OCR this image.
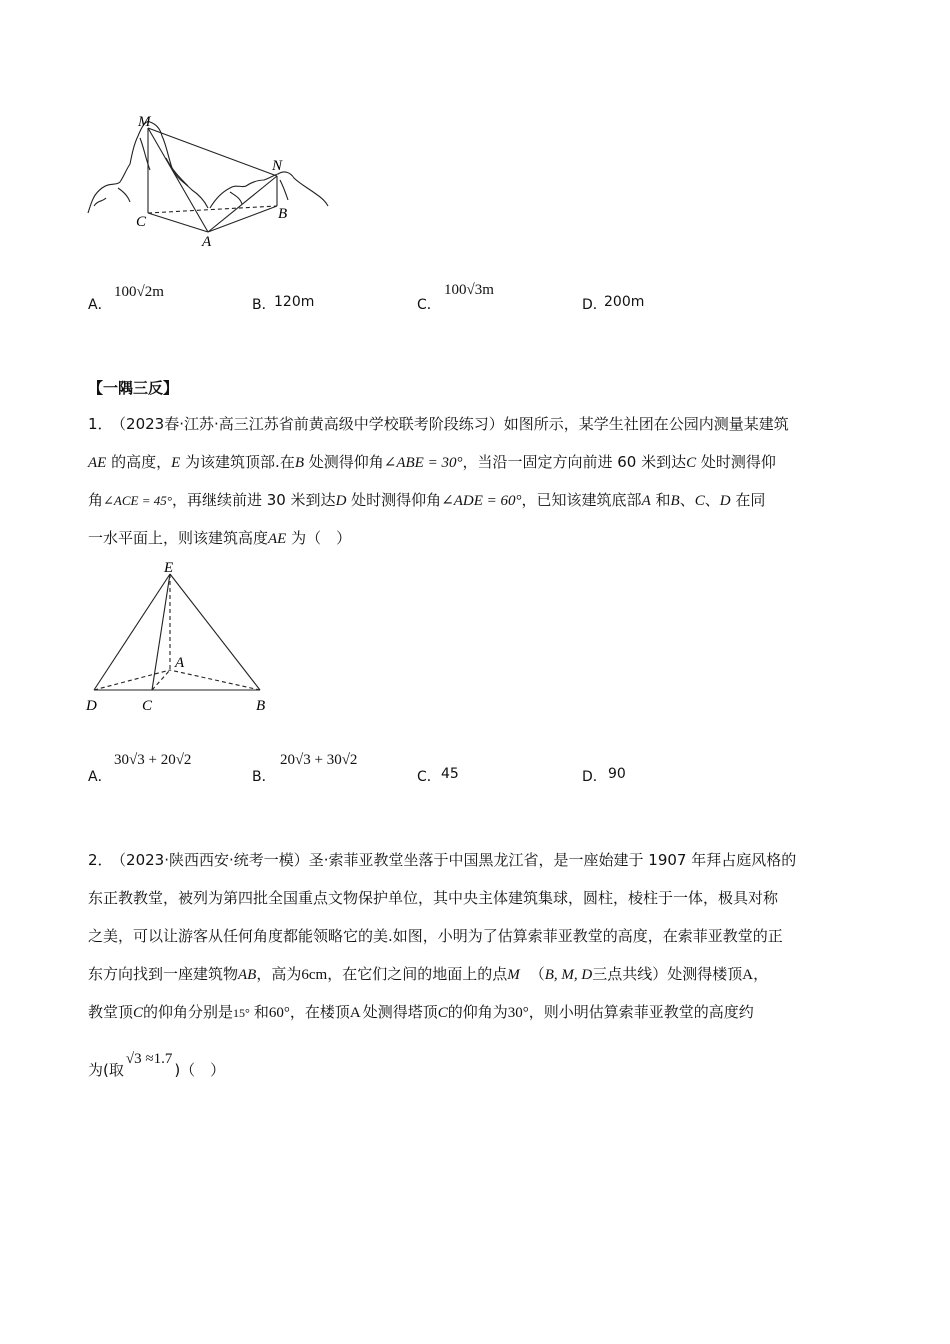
M
N
C
A
B
A．
100√2m
B．
120m	C．
100√3m
D．
200m
【一隅三反】
1． （2023春·江苏·高三江苏省前黄高级中学校联考阶段练习）如图所示，某学生社团在公园内测量某建筑
AE 的高度，E 为该建筑顶部.在B 处测得仰角∠ABE = 30°，当沿一固定方向前进 60 米到达C 处时测得仰
角∠ACE = 45°，再继续前进 30 米到达D 处时测得仰角∠ADE = 60°，已知该建筑底部A 和B、C、D 在同
一水平面上，则该建筑高度AE 为（　）
E
A
D	C	B
A．
30√3 + 20√2
B．
20√3 + 30√2
C． 45	D． 90
2． （2023·陕西西安·统考一模）圣·索菲亚教堂坐落于中国黑龙江省，是一座始建于 1907 年拜占庭风格的
东正教教堂，被列为第四批全国重点文物保护单位，其中央主体建筑集球，圆柱，棱柱于一体，极具对称
之美，可以让游客从任何角度都能领略它的美.如图，小明为了估算索菲亚教堂的高度，在索菲亚教堂的正
东方向找到一座建筑物AB，高为6cm，在它们之间的地面上的点M （B, M, D三点共线）处测得楼顶A，
教堂顶C的仰角分别是15° 和60°，在楼顶A 处测得塔顶C的仰角为30°，则小明估算索菲亚教堂的高度约
为(取√3 ≈1.7)（　）
